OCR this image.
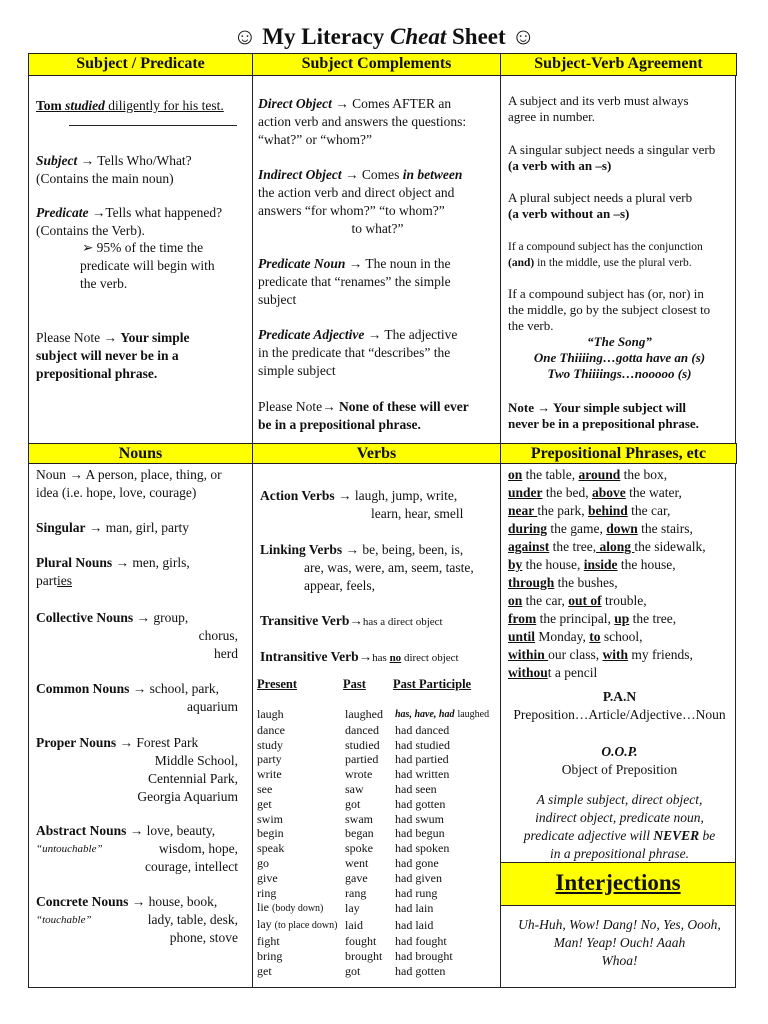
☺ My Literacy Cheat Sheet ☺
Subject / Predicate	Subject Complements	Subject-Verb Agreement
Nouns	Verbs	Prepositional Phrases, etc
Tom studied diligently for his test.
Subject → Tells Who/What?
(Contains the main noun)
Predicate →Tells what happened?
(Contains the Verb).
➢ 95% of the time the
predicate will begin with
the verb.
Please Note → Your simple
subject will never be in a
prepositional phrase.
Direct Object → Comes AFTER an
action verb and answers the questions:
“what?” or “whom?”
Indirect Object → Comes in between
the action verb and direct object and
answers “for whom?” “to whom?”
to what?”
Predicate Noun → The noun in the
predicate that “renames” the simple
subject
Predicate Adjective → The adjective
in the predicate that “describes” the
simple subject
Please Note→ None of these will ever
be in a prepositional phrase.
A subject and its verb must always
agree in number.
A singular subject needs a singular verb
(a verb with an –s)
A plural subject needs a plural verb
(a verb without an –s)
If a compound subject has the conjunction
(and) in the middle, use the plural verb.
If a compound subject has (or, nor) in
the middle, go by the subject closest to
the verb.
“The Song”
One Thiiiing…gotta have an (s)
Two Thiiiings…nooooo (s)
Note → Your simple subject will
never be in a prepositional phrase.
Noun → A person, place, thing, or
idea (i.e. hope, love, courage)
Singular → man, girl, party
Plural Nouns → men, girls,
parties
Collective Nouns → group,
chorus,
herd
Common Nouns → school, park,
aquarium
Proper Nouns → Forest Park
Middle School,
Centennial Park,
Georgia Aquarium
Abstract Nouns → love, beauty,
“untouchable”	wisdom, hope,
courage, intellect
Concrete Nouns → house, book,
“touchable”	lady, table, desk,
phone, stove
Action Verbs → laugh, jump, write,
learn, hear, smell
Linking Verbs → be, being, been, is,
are, was, were, am, seem, taste,
appear, feels,
Transitive Verb→has a direct object
Intransitive Verb→has no direct object
Present	Past	Past Participle
laugh	laughed	has, have, had laughed
dance	danced	had danced
study	studied	had studied
party	partied	had partied
write	wrote	had written
see	saw	had seen
get	got	had gotten
swim	swam	had swum
begin	began	had begun
speak	spoke	had spoken
go	went	had gone
give	gave	had given
ring	rang	had rung
lie (body down)	lay	had lain
lay (to place down)	laid	had laid
fight	fought	had fought
bring	brought	had brought
get	got	had gotten
on the table, around the box,
under the bed, above the water,
near the park, behind the car,
during the game, down the stairs,
against the tree, along the sidewalk,
by the house, inside the house,
through the bushes,
on the car, out of trouble,
from the principal, up the tree,
until Monday, to school,
within our class, with my friends,
without a pencil
P.A.N
Preposition…Article/Adjective…Noun
O.O.P.
Object of Preposition
A simple subject, direct object,
indirect object, predicate noun,
predicate adjective will NEVER be
in a prepositional phrase.
Uh-Huh, Wow! Dang! No, Yes, Oooh,
Man! Yeap! Ouch! Aaah
Whoa!
Interjections
